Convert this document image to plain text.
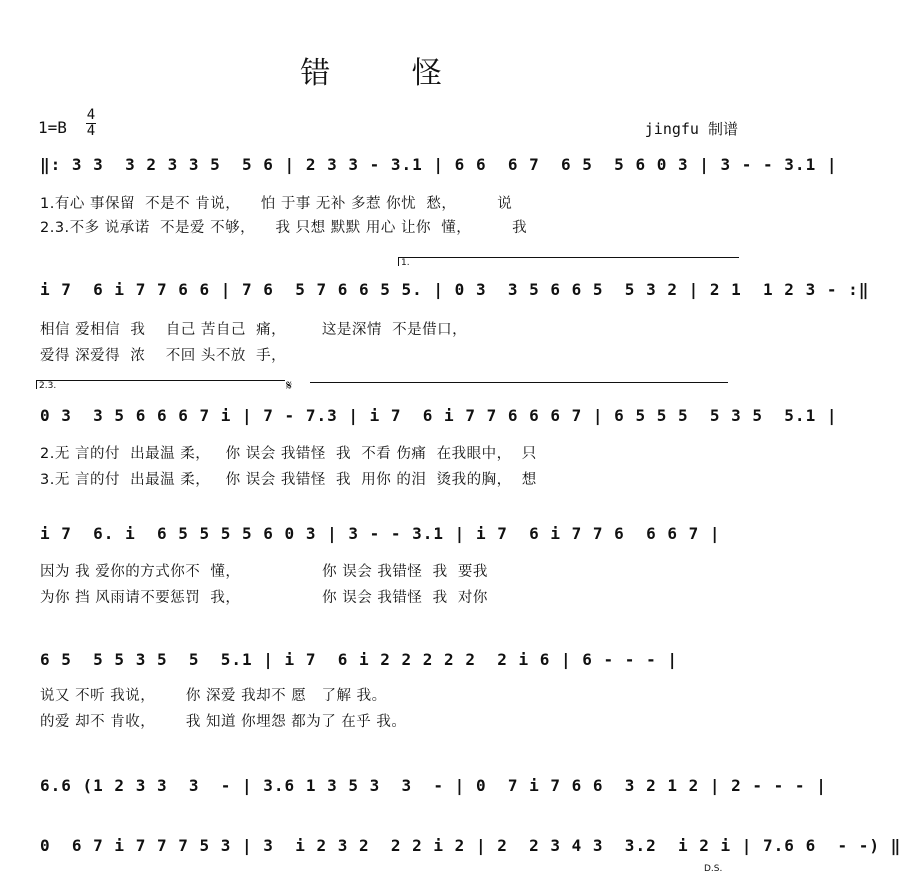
错 怪
1=B
4
4	jingfu 制谱
‖: 3 3  3 2 3 3 5  5 6 | 2 3 3 - 3.1 | 6 6  6 7  6 5  5 6 0 3 | 3 - - 3.1 |
1.有心 事保留  不是不 肯说，    怕 于事 无补 多惹 你忧  愁，        说
2.3.不多 说承诺  不是爱 不够，    我 只想 默默 用心 让你  懂，        我
1.
i 7  6 i 7 7 6 6 | 7 6  5 7 6 6 5 5. | 0 3  3 5 6 6 5  5 3 2 | 2 1  1 2 3 - :‖
相信 爱相信  我    自己 苦自己  痛，       这是深情  不是借口，
爱得 深爱得  浓    不回 头不放  手，
2.3.	𝄋
0 3  3 5 6 6 6 7 i | 7 - 7.3 | i 7  6 i 7 7 6 6 6 7 | 6 5 5 5  5 3 5  5.1 |
2.无 言的付  出最温 柔，   你 误会 我错怪  我  不看 伤痛  在我眼中，  只
3.无 言的付  出最温 柔，   你 误会 我错怪  我  用你 的泪  烫我的胸，  想
i 7  6. i  6 5 5 5 5 6 0 3 | 3 - - 3.1 | i 7  6 i 7 7 6  6 6 7 |
因为 我 爱你的方式你不  懂，                你 误会 我错怪  我  要我
为你 挡 风雨请不要惩罚  我，                你 误会 我错怪  我  对你
6 5  5 5 3 5  5  5.1 | i 7  6 i 2 2 2 2 2  2 i 6 | 6 - - - |
说又 不听 我说，      你 深爱 我却不 愿   了解 我。
的爱 却不 肯收，      我 知道 你埋怨 都为了 在乎 我。
6.6 (1 2 3 3  3  - | 3.6 1 3 5 3  3  - | 0  7 i 7 6 6  3 2 1 2 | 2 - - - |
0  6 7 i 7 7 7 5 3 | 3  i 2 3 2  2 2 i 2 | 2  2 3 4 3  3.2  i 2 i | 7.6 6  - -) ‖
D.S.
